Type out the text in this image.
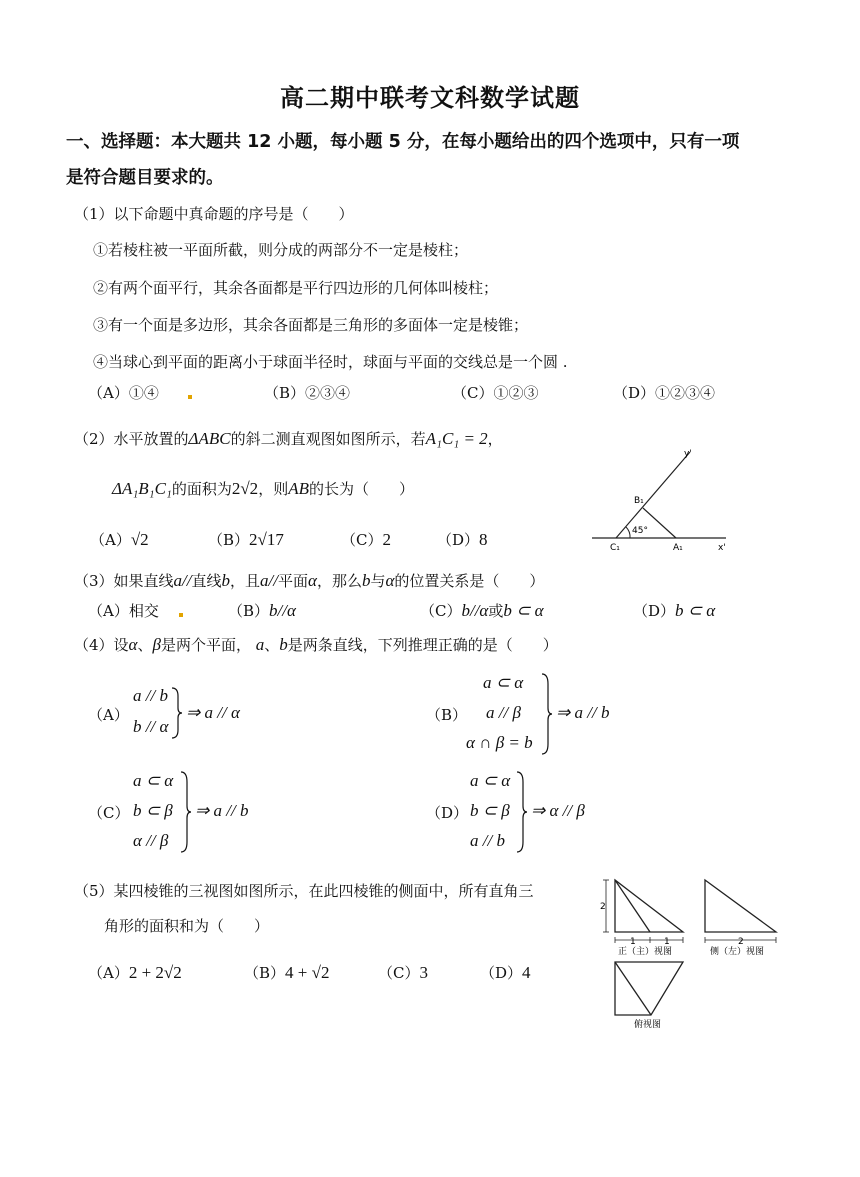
高二期中联考文科数学试题
一、选择题：本大题共 12 小题，每小题 5 分，在每小题给出的四个选项中，只有一项
是符合题目要求的。
（1）以下命题中真命题的序号是（　　）
①若棱柱被一平面所截，则分成的两部分不一定是棱柱；
②有两个面平行，其余各面都是平行四边形的几何体叫棱柱；
③有一个面是多边形，其余各面都是三角形的多面体一定是棱锥；
④当球心到平面的距离小于球面半径时，球面与平面的交线总是一个圆 .
（A）①④	（B）②③④	（C）①②③	（D）①②③④
（2）水平放置的ΔABC的斜二测直观图如图所示，若A₁C₁ = 2，
ΔA₁B₁C₁的面积为2√2，则AB的长为（　　）
（A）√2	（B）2√17	（C）2	（D）8
y'
x'
B₁
C₁	A₁
45°
（3）如果直线a//直线b，且a//平面α，那么b与α的位置关系是（　　）
（A）相交	（B）b//α	（C）b//α或b ⊂ α	（D）b ⊂ α
（4）设α、β是两个平面， a、b是两条直线，下列推理正确的是（　　）
（A）
a // b
b // α
⇒ a // α	（B）
a ⊂ α
a // β
α ∩ β = b
⇒ a // b
（C）
a ⊂ α
b ⊂ β
α // β
⇒ a // b	（D）
a ⊂ α
b ⊂ β
a // b
⇒ α // β
（5）某四棱锥的三视图如图所示，在此四棱锥的侧面中，所有直角三
角形的面积和为（　　）
（A）2 + 2√2	（B）4 + √2	（C）3	（D）4
2
1	1
正（主）视图
2
侧（左）视图
俯视图
